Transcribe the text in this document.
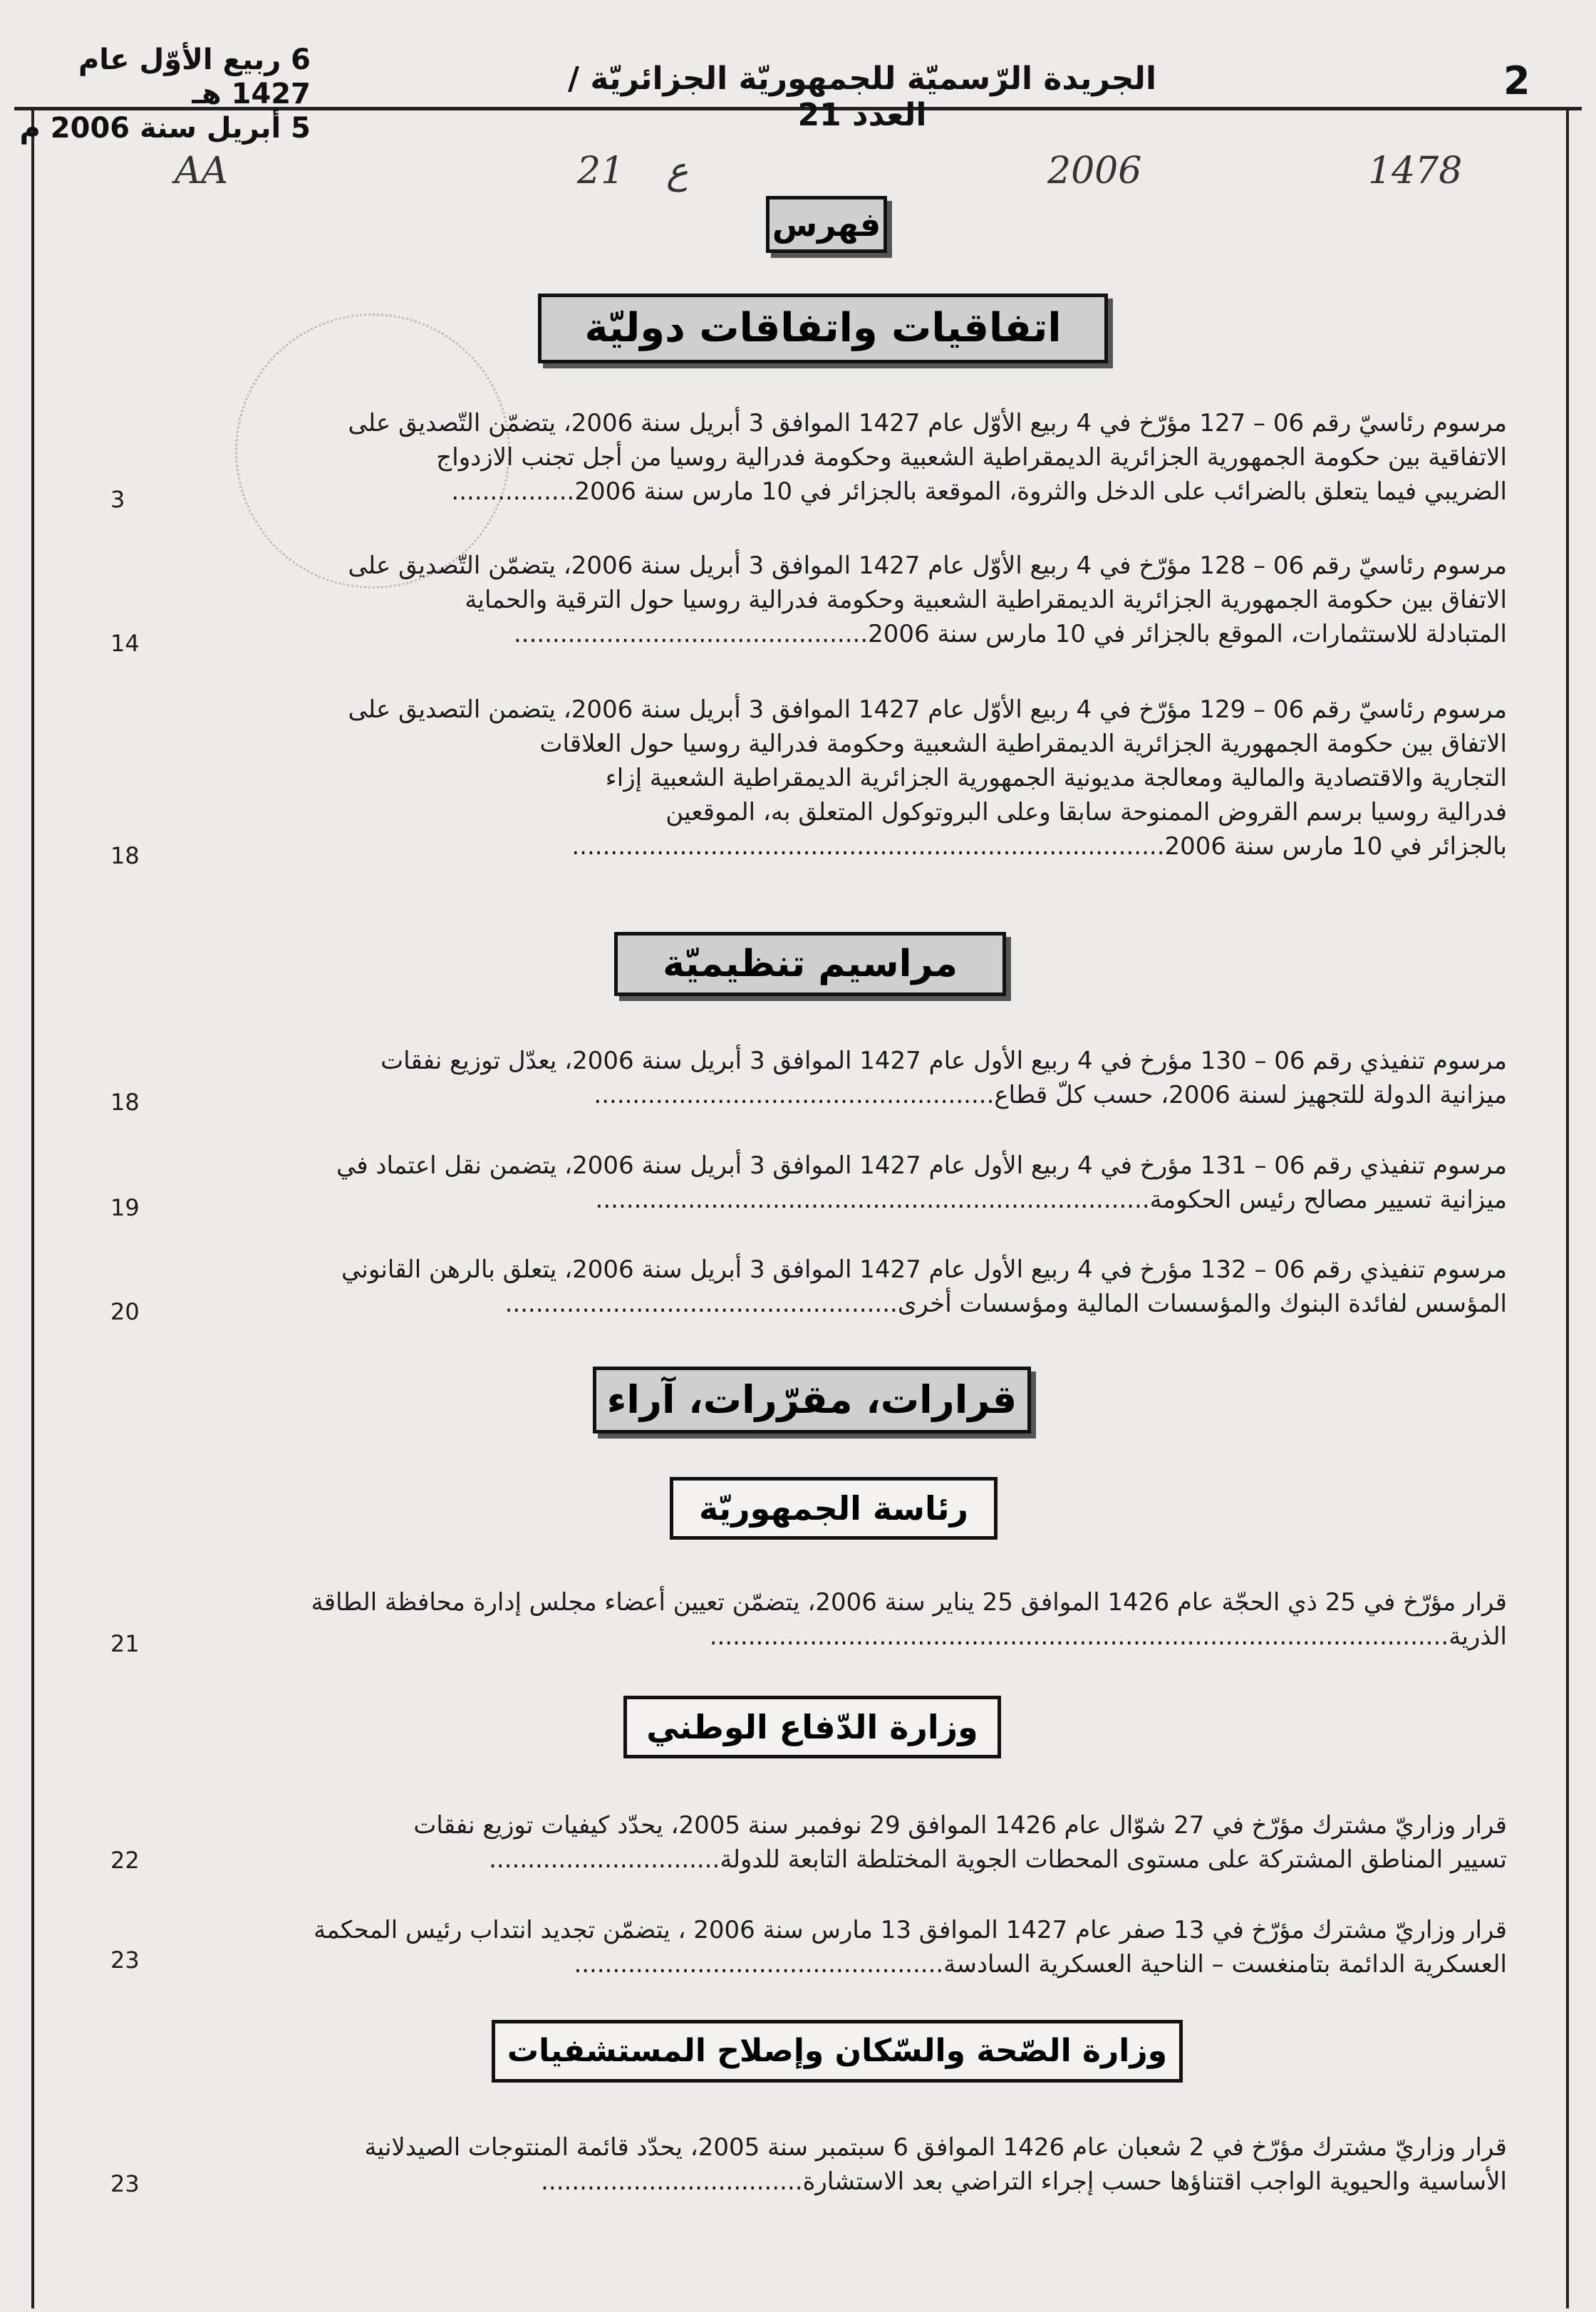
2
الجريدة الرّسميّة للجمهوريّة الجزائريّة / العدد 21
6 ربيع الأوّل عام 1427 هـ
5 أبريل سنة 2006 م
AA	21 ع	2006	1478
فهرس
اتفاقيات واتفاقات دوليّة
مرسوم رئاسيّ رقم 06 – 127 مؤرّخ في 4 ربيع الأوّل عام 1427 الموافق 3 أبريل سنة 2006، يتضمّن التّصديق على
الاتفاقية بين حكومة الجمهورية الجزائرية الديمقراطية الشعبية وحكومة فدرالية روسيا من أجل تجنب الازدواج
الضريبي فيما يتعلق بالضرائب على الدخل والثروة، الموقعة بالجزائر في 10 مارس سنة 2006................
3
مرسوم رئاسيّ رقم 06 – 128 مؤرّخ في 4 ربيع الأوّل عام 1427 الموافق 3 أبريل سنة 2006، يتضمّن التّصديق على
الاتفاق بين حكومة الجمهورية الجزائرية الديمقراطية الشعبية وحكومة فدرالية روسيا حول الترقية والحماية
المتبادلة للاستثمارات، الموقع بالجزائر في 10 مارس سنة 2006..............................................
14
مرسوم رئاسيّ رقم 06 – 129 مؤرّخ في 4 ربيع الأوّل عام 1427 الموافق 3 أبريل سنة 2006، يتضمن التصديق على
الاتفاق بين حكومة الجمهورية الجزائرية الديمقراطية الشعبية وحكومة فدرالية روسيا حول العلاقات
التجارية والاقتصادية والمالية ومعالجة مديونية الجمهورية الجزائرية الديمقراطية الشعبية إزاء
فدرالية روسيا برسم القروض الممنوحة سابقا وعلى البروتوكول المتعلق به، الموقعين
بالجزائر في 10 مارس سنة 2006.............................................................................
18
مراسيم تنظيميّة
مرسوم تنفيذي رقم 06 – 130 مؤرخ في 4 ربيع الأول عام 1427 الموافق 3 أبريل سنة 2006، يعدّل توزيع نفقات
ميزانية الدولة للتجهيز لسنة 2006، حسب كلّ قطاع....................................................
18
مرسوم تنفيذي رقم 06 – 131 مؤرخ في 4 ربيع الأول عام 1427 الموافق 3 أبريل سنة 2006، يتضمن نقل اعتماد في
ميزانية تسيير مصالح رئيس الحكومة........................................................................
19
مرسوم تنفيذي رقم 06 – 132 مؤرخ في 4 ربيع الأول عام 1427 الموافق 3 أبريل سنة 2006، يتعلق بالرهن القانوني
المؤسس لفائدة البنوك والمؤسسات المالية ومؤسسات أخرى...................................................
20
قرارات، مقرّرات، آراء
رئاسة الجمهوريّة
قرار مؤرّخ في 25 ذي الحجّة عام 1426 الموافق 25 يناير سنة 2006، يتضمّن تعيين أعضاء مجلس إدارة محافظة الطاقة
الذرية................................................................................................
21
وزارة الدّفاع الوطني
قرار وزاريّ مشترك مؤرّخ في 27 شوّال عام 1426 الموافق 29 نوفمبر سنة 2005، يحدّد كيفيات توزيع نفقات
تسيير المناطق المشتركة على مستوى المحطات الجوية المختلطة التابعة للدولة..............................
22
قرار وزاريّ مشترك مؤرّخ في 13 صفر عام 1427 الموافق 13 مارس سنة 2006 ، يتضمّن تجديد انتداب رئيس المحكمة
العسكرية الدائمة بتامنغست – الناحية العسكرية السادسة................................................
23
وزارة الصّحة والسّكان وإصلاح المستشفيات
قرار وزاريّ مشترك مؤرّخ في 2 شعبان عام 1426 الموافق 6 سبتمبر سنة 2005، يحدّد قائمة المنتوجات الصيدلانية
الأساسية والحيوية الواجب اقتناؤها حسب إجراء التراضي بعد الاستشارة..................................
23
